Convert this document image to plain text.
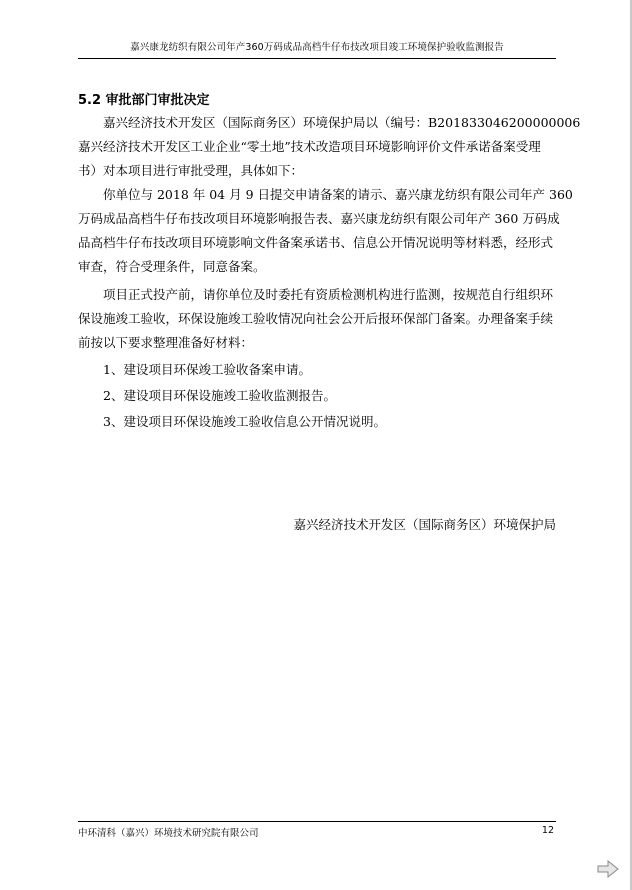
嘉兴康龙纺织有限公司年产360万码成品高档牛仔布技改项目竣工环境保护验收监测报告
5.2 审批部门审批决定
嘉兴经济技术开发区（国际商务区）环境保护局以（编号：B201833046200000006
嘉兴经济技术开发区工业企业“零土地”技术改造项目环境影响评价文件承诺备案受理
书）对本项目进行审批受理，具体如下：
你单位与 2018 年 04 月 9 日提交申请备案的请示、嘉兴康龙纺织有限公司年产 360
万码成品高档牛仔布技改项目环境影响报告表、嘉兴康龙纺织有限公司年产 360 万码成
品高档牛仔布技改项目环境影响文件备案承诺书、信息公开情况说明等材料悉，经形式
审查，符合受理条件，同意备案。
项目正式投产前，请你单位及时委托有资质检测机构进行监测，按规范自行组织环
保设施竣工验收，环保设施竣工验收情况向社会公开后报环保部门备案。办理备案手续
前按以下要求整理准备好材料：
1、建设项目环保竣工验收备案申请。
2、建设项目环保设施竣工验收监测报告。
3、建设项目环保设施竣工验收信息公开情况说明。
嘉兴经济技术开发区（国际商务区）环境保护局
中环清科（嘉兴）环境技术研究院有限公司	12
